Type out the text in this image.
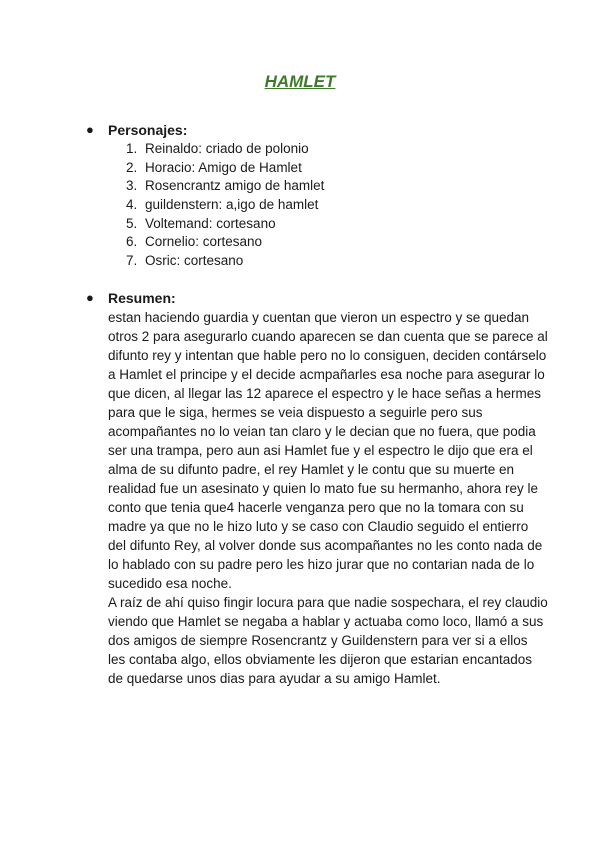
HAMLET
● Personajes:
1. Reinaldo: criado de polonio
2. Horacio: Amigo de Hamlet
3. Rosencrantz amigo de hamlet
4. guildenstern: a,igo de hamlet
5. Voltemand: cortesano
6. Cornelio: cortesano
7. Osric: cortesano
● Resumen:

estan haciendo guardia y cuentan que vieron un espectro y se quedan otros 2 para asegurarlo cuando aparecen se dan cuenta que se parece al difunto rey y intentan que hable pero no lo consiguen, deciden contárselo a Hamlet el principe y el decide acmpañarles esa noche para asegurar lo que dicen, al llegar las 12 aparece el espectro y le hace señas a hermes para que le siga, hermes se veia dispuesto a seguirle pero sus acompañantes no lo veian tan claro y le decian que no fuera, que podia ser una trampa, pero aun asi Hamlet fue y el espectro le dijo que era el alma de su difunto padre, el rey Hamlet y le contu que su muerte en realidad fue un asesinato y quien lo mato fue su hermanho, ahora rey le conto que tenia que4 hacerle venganza pero que no la tomara con su madre ya que no le hizo luto y se caso con Claudio seguido el entierro del difunto Rey, al volver donde sus acompañantes no les conto nada de lo hablado con su padre pero les hizo jurar que no contarian nada de lo sucedido esa noche.

A raíz de ahí quiso fingir locura para que nadie sospechara, el rey claudio viendo que Hamlet se negaba a hablar y actuaba como loco, llamó a sus dos amigos de siempre Rosencrantz y Guildenstern para ver si a ellos les contaba algo, ellos obviamente les dijeron que estarian encantados de quedarse unos dias para ayudar a su amigo Hamlet.
